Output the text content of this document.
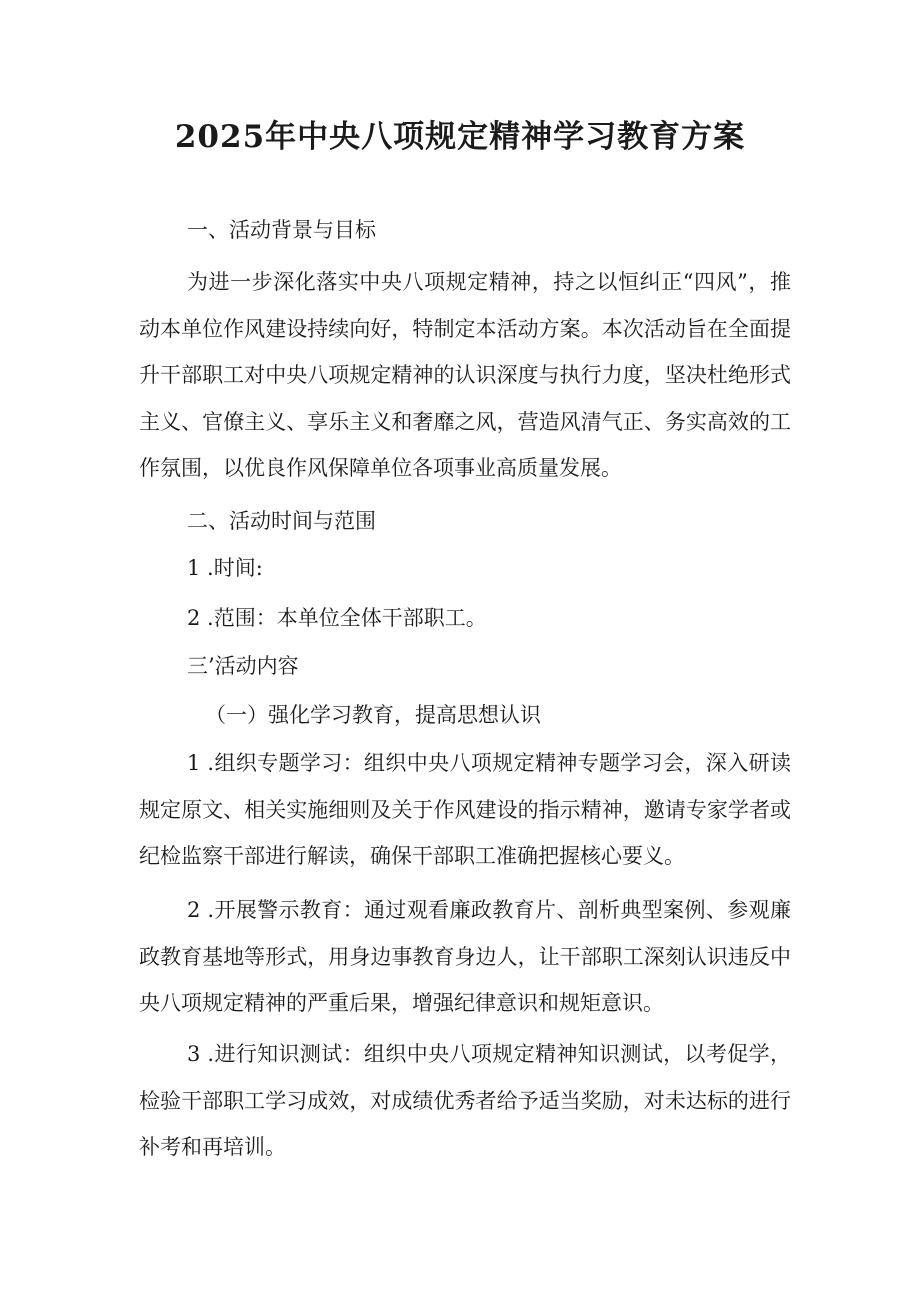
2025年中央八项规定精神学习教育方案
一、活动背景与目标
为进一步深化落实中央八项规定精神，持之以恒纠正“四风”，推动本单位作风建设持续向好，特制定本活动方案。本次活动旨在全面提升干部职工对中央八项规定精神的认识深度与执行力度，坚决杜绝形式主义、官僚主义、享乐主义和奢靡之风，营造风清气正、务实高效的工作氛围，以优良作风保障单位各项事业高质量发展。
二、活动时间与范围
1 .时间:
2 .范围：本单位全体干部职工。
三’活动内容
（一）强化学习教育，提高思想认识
1 .组织专题学习：组织中央八项规定精神专题学习会，深入研读规定原文、相关实施细则及关于作风建设的指示精神，邀请专家学者或纪检监察干部进行解读，确保干部职工准确把握核心要义。
2 .开展警示教育：通过观看廉政教育片、剖析典型案例、参观廉政教育基地等形式，用身边事教育身边人，让干部职工深刻认识违反中央八项规定精神的严重后果，增强纪律意识和规矩意识。
3 .进行知识测试：组织中央八项规定精神知识测试，以考促学，检验干部职工学习成效，对成绩优秀者给予适当奖励，对未达标的进行补考和再培训。
